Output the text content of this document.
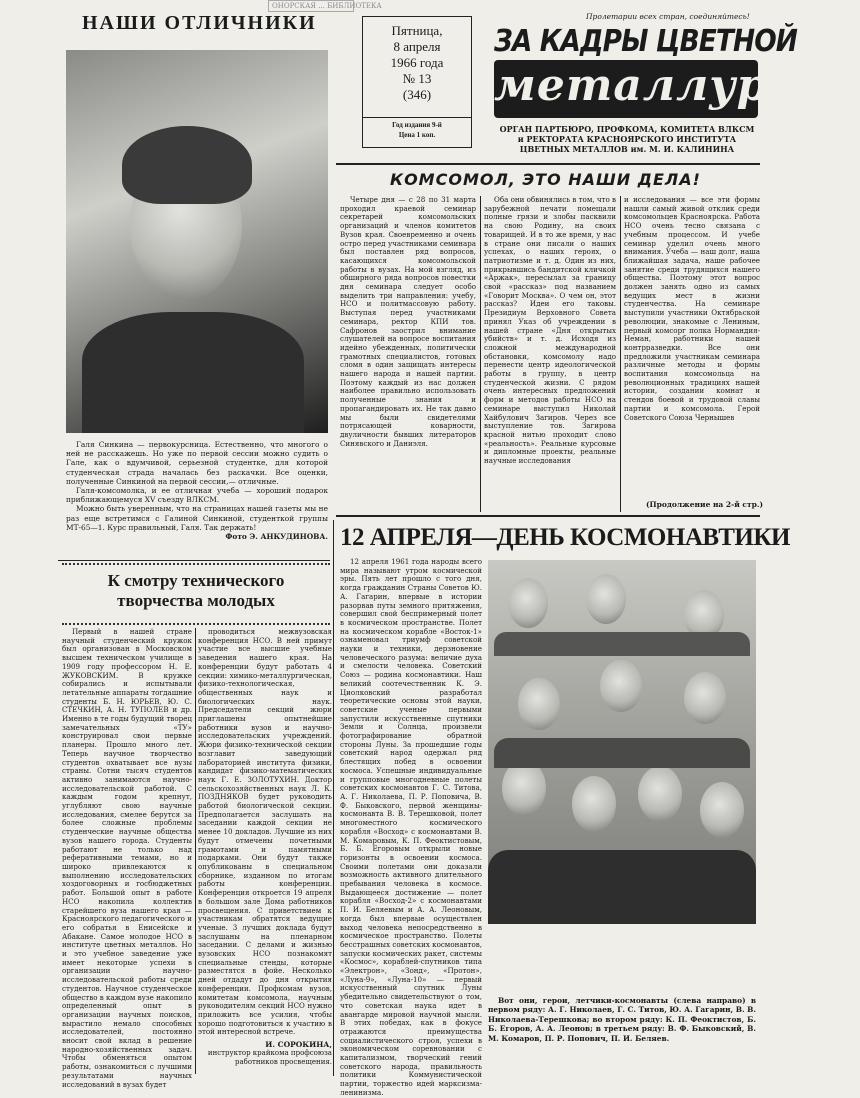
НАШИ ОТЛИЧНИКИ
ОНОРСКАЯ ... БИБЛИОТЕКА

Галя Синкина — первокурсница. Естественно, что многого о ней не расскажешь. Но уже по первой сессии можно судить о Гале, как о вдумчивой, серьезной студентке, для которой студенческая страда началась без раскачки. Все оценки, полученные Синкиной на первой сессии,— отличные.

Галя-комсомолка, и ее отличная учеба — хороший подарок приближающемуся XV съезду ВЛКСМ.

Можно быть уверенным, что на страницах нашей газеты мы не раз еще встретимся с Галиной Синкиной, студенткой группы МТ-65—1. Курс правильный, Галя. Так держать!

Фото Э. АНКУДИНОВА.
Пятница,
8 апреля
1966 года
№ 13
(346)
Год издания 9-й
Цена 1 коп.
Пролетарии всех стран, соединяйтесь!
ЗА КАДРЫ ЦВЕТНОЙ
металлургии
ОРГАН ПАРТБЮРО, ПРОФКОМА, КОМИТЕТА ВЛКСМ и РЕКТОРАТА КРАСНОЯРСКОГО ИНСТИТУТА ЦВЕТНЫХ МЕТАЛЛОВ им. М. И. КАЛИНИНА
КОМСОМОЛ, ЭТО НАШИ ДЕЛА!
Четыре дня — с 28 по 31 марта проходил краевой семинар секретарей комсомольских организаций и членов комитетов Вузов края. Своевременно и очень остро перед участниками семинара был поставлен ряд вопросов, касающихся комсомольской работы в вузах. На мой взгляд, из обширного ряда вопросов повестки дня семинара следует особо выделить три направления: учебу, НСО и политмассовую работу. Выступая перед участниками семинара, ректор КПИ тов. Сафронов заострил внимание слушателей на вопросе воспитания идейно убежденных, политически грамотных специалистов, готовых сломя в один защищать интересы нашего народа и нашей партии. Поэтому каждый из нас должен наиболее правильно использовать полученные знания и пропагандировать их. Не так давно мы были свидетелями потрясающей коварности, двуличности бывших литераторов Синявского и Даниэля.
Оба они обвинялись в том, что в зарубежной печати помещали полные грязи и злобы пасквили на свою Родину, на своих товарищей. И в то же время, у нас в стране они писали о наших успехах, о наших героях, о патриотизме и т. д. Один из них, прикрывшись бандитской кличкой «Аржак», пересылал за границу свой «рассказ» под названием «Говорит Москва». О чем он, этот рассказ? Идеи его таковы. Президиум Верховного Совета принял Указ об учреждении в нашей стране «Дня открытых убийств» и т. д. Исходя из сложной международной обстановки, комсомолу надо перенести центр идеологической работы в группу, в центр студенческой жизни. С рядом очень интересных предложений форм и методов работы НСО на семинаре выступил Николай Хайбулович Загиров. Через все выступление тов. Загирова красной нитью проходит слово «реальность». Реальные курсовые и дипломные проекты, реальные научные исследования
и исследования — все эти формы нашли самый живой отклик среди комсомольцев Красноярска. Работа НСО очень тесно связана с учебным процессом. И учебе семинар уделил очень много внимания. Учеба — наш долг, наша ближайшая задача, наше рабочее занятие среди трудящихся нашего общества. Поэтому этот вопрос должен занять одно из самых ведущих мест в жизни студенчества. На семинаре выступили участники Октябрьской революции, знакомые с Лениным, первый комсорг полка Нормандия-Неман, работники нашей контрразведки. Все они предложили участникам семинара различные методы и формы воспитания комсомольца на революционных традициях нашей истории, создании комнат и стендов боевой и трудовой славы партии и комсомола. Герой Советского Союза Чернышев
(Продолжение на 2-й стр.)
К смотру технического
творчества молодых
Первый в нашей стране научный студенческий кружок был организован в Московском высшем техническом училище в 1909 году профессором Н. Е. ЖУКОВСКИМ. В кружке собирались и испытывали летательные аппараты тогдашние студенты Б. Н. ЮРЬЕВ, Ю. С. СТЕЧКИН, А. Н. ТУПОЛЕВ и др. Именно в те годы будущий творец замечательных «ТУ» конструировал свои первые планеры. Прошло много лет. Теперь научное творчество студентов охватывает все вузы страны. Сотни тысяч студентов активно занимаются научно-исследовательской работой. С каждым годом крепнут, углубляют свою научные исследования, смелее берутся за более сложные проблемы студенческие научные общества вузов нашего города. Студенты работают не только над реферативными темами, но и широко привлекаются к выполнению исследовательских хоздоговорных и госбюджетных работ. Большой опыт в работе НСО накопила коллектив старейшего вуза нашего края — Красноярского педагогического и его собратья в Енисейске и Абакане. Самое молодое НСО в институте цветных металлов. Но и это учебное заведение уже имеет некоторые успехи в организации научно-исследовательской работы среди студентов. Научное студенческое общество в каждом вузе накопило определенный опыт в организации научных поисков, вырастило немало способных исследователей, постоянно вносит свой вклад в решение народно-хозяйственных задач. Чтобы обменяться опытом работы, ознакомиться с лучшими результатами научных исследований в вузах будет
проводиться межвузовская конференция НСО. В ней примут участие все высшие учебные заведения нашего края. На конференции будут работать 4 секции: химико-металлургическая, физико-технологическая, общественных наук и биологических наук. Председатели секций жюри приглашены опытнейшие работники вузов и научно-исследовательских учреждений. Жюри физико-технической секции возглавит заведующий лабораторией института физики, кандидат физико-математических наук Г. Е. ЗОЛОТУХИН. Доктор сельскохозяйственных наук Л. К. ПОЗДНЯКОВ будет руководить работой биологической секции. Предполагается заслушать на заседании каждой секции не менее 10 докладов. Лучшие из них будут отмечены почетными грамотами и памятными подарками. Они будут также опубликованы в специальном сборнике, изданном по итогам работы конференции. Конференция откроется 19 апреля в большом зале Дома работников просвещения. С приветствием к участникам обратятся ведущие ученые. 3 лучших доклада будут заслушаны на пленарном заседании. С делами и жизнью вузовских НСО познакомят специальные стенды, которые разместятся в фойе. Несколько дней отдадут до дня открытия конференции. Профкомам вузов, комитетам комсомола, научным руководителям секций НСО нужно приложить все усилия, чтобы хорошо подготовиться к участию в этой интересной встрече.
И. СОРОКИНА,
инструктор крайкома профсоюза работников просвещения.
12 АПРЕЛЯ—ДЕНЬ КОСМОНАВТИКИ
12 апреля 1961 года народы всего мира называют утром космической эры. Пять лет прошло с того дня, когда гражданин Страны Советов Ю. А. Гагарин, впервые в истории разорвав путы земного притяжения, совершил свой беспримерный полет в космическом пространстве. Полет на космическом корабле «Восток-1» ознаменовал триумф советской науки и техники, дерзновение человеческого разума: величие духа и смелости человека. Советский Союз — родина космонавтики. Наш великий соотечественник К. Э. Циолковский разработал теоретические основы этой науки, советские ученые первыми запустили искусственные спутники Земли и Солнца, произвели фотографирование обратной стороны Луны. За прошедшие годы советский народ одержал ряд блестящих побед в освоении космоса. Успешные индивидуальные и групповые многодневные полеты советских космонавтов Г. С. Титова, А. Г. Николаева, П. Р. Поповича, В. Ф. Быковского, первой женщины-космонавта В. В. Терешковой, полет многоместного космического корабля «Восход» с космонавтами В. М. Комаровым, К. П. Феоктистовым, Б. Б. Егоровым открыли новые горизонты в освоении космоса. Своими полетами они доказали возможность активного длительного пребывания человека в космосе. Выдающееся достижение — полет корабля «Восход-2» с космонавтами П. И. Беляевым и А. А. Леоновым, когда был впервые осуществлен выход человека непосредственно в космическое пространство. Полеты бесстрашных советских космонавтов, запуски космических ракет, системы «Космос», кораблей-спутников типа «Электрон», «Зонд», «Протон», «Луна-9», «Луна-10» — первый искусственный спутник Луны убедительно свидетельствуют о том, что советская наука идет в авангарде мировой научной мысли. В этих победах, как в фокусе отражаются преимущества социалистического строя, успехи в экономическом соревновании с капитализмом, творческий гений советского народа, правильность политики Коммунистической партии, торжество идей марксизма-ленинизма.
Вот они, герои, летчики-космонавты (слева направо) в первом ряду: А. Г. Николаев, Г. С. Титов, Ю. А. Гагарин, В. В. Николаева-Терешкова; во втором ряду: К. П. Феоктистов, Б. Б. Егоров, А. А. Леонов; в третьем ряду: В. Ф. Быковский, В. М. Комаров, П. Р. Попович, П. И. Беляев.
